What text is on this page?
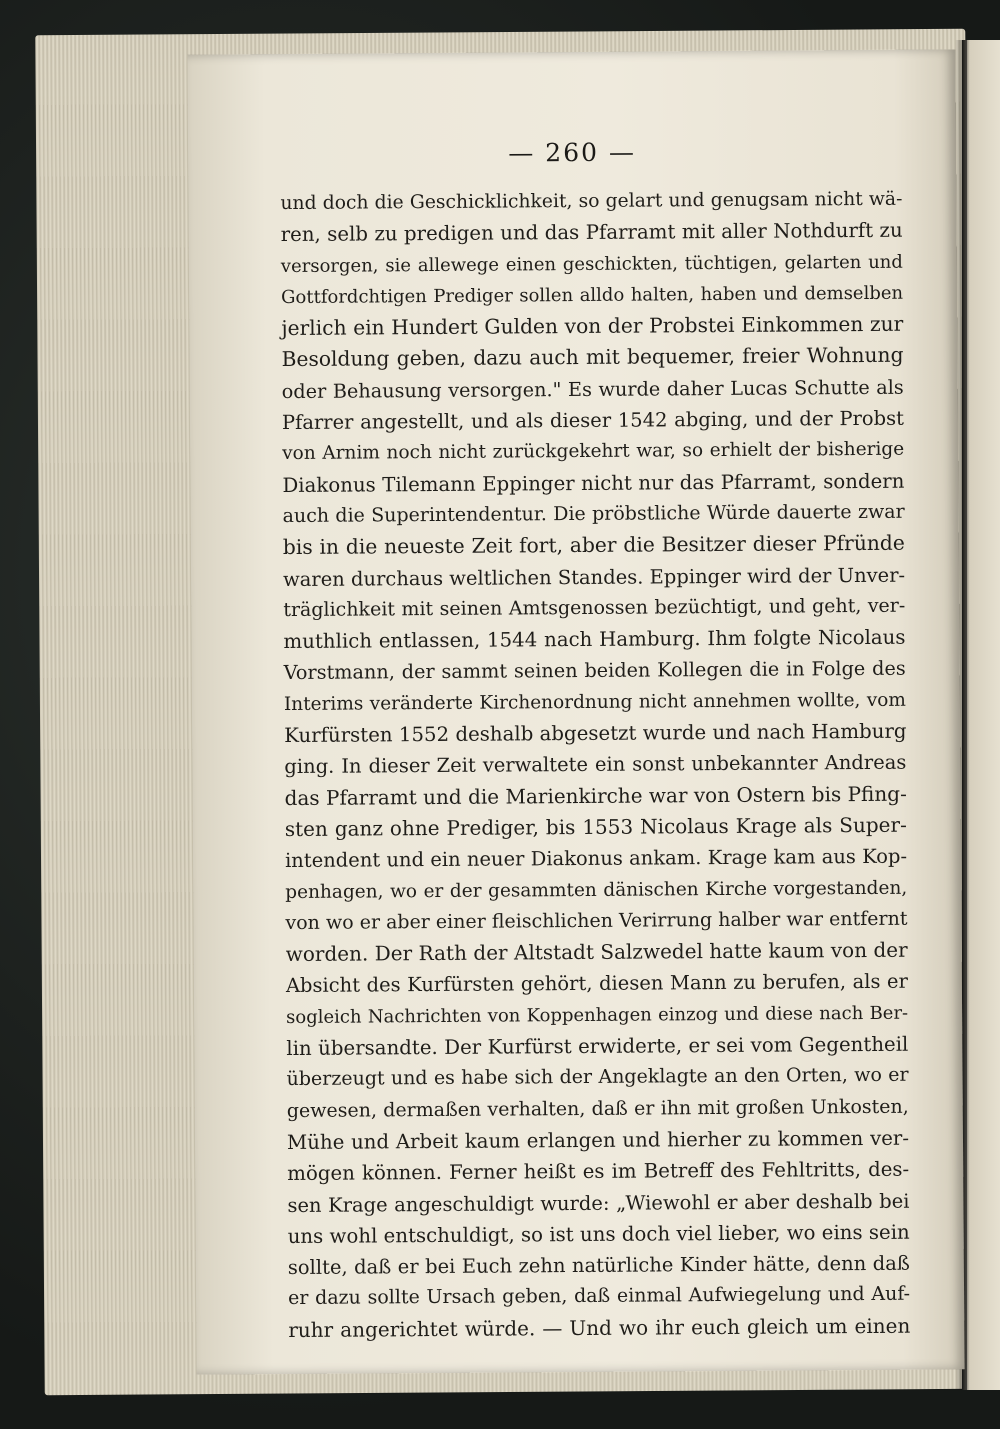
— 260 —
und doch die Geschicklichkeit, so gelart und genugsam nicht wä-
ren, selb zu predigen und das Pfarramt mit aller Nothdurft zu
versorgen, sie allewege einen geschickten, tüchtigen, gelarten und
Gottfordchtigen Prediger sollen alldo halten, haben und demselben
jerlich ein Hundert Gulden von der Probstei Einkommen zur
Besoldung geben, dazu auch mit bequemer, freier Wohnung
oder Behausung versorgen." Es wurde daher Lucas Schutte als
Pfarrer angestellt, und als dieser 1542 abging, und der Probst
von Arnim noch nicht zurückgekehrt war, so erhielt der bisherige
Diakonus Tilemann Eppinger nicht nur das Pfarramt, sondern
auch die Superintendentur. Die pröbstliche Würde dauerte zwar
bis in die neueste Zeit fort, aber die Besitzer dieser Pfründe
waren durchaus weltlichen Standes. Eppinger wird der Unver-
träglichkeit mit seinen Amtsgenossen bezüchtigt, und geht, ver-
muthlich entlassen, 1544 nach Hamburg. Ihm folgte Nicolaus
Vorstmann, der sammt seinen beiden Kollegen die in Folge des
Interims veränderte Kirchenordnung nicht annehmen wollte, vom
Kurfürsten 1552 deshalb abgesetzt wurde und nach Hamburg
ging. In dieser Zeit verwaltete ein sonst unbekannter Andreas
das Pfarramt und die Marienkirche war von Ostern bis Pfing-
sten ganz ohne Prediger, bis 1553 Nicolaus Krage als Super-
intendent und ein neuer Diakonus ankam. Krage kam aus Kop-
penhagen, wo er der gesammten dänischen Kirche vorgestanden,
von wo er aber einer fleischlichen Verirrung halber war entfernt
worden. Der Rath der Altstadt Salzwedel hatte kaum von der
Absicht des Kurfürsten gehört, diesen Mann zu berufen, als er
sogleich Nachrichten von Koppenhagen einzog und diese nach Ber-
lin übersandte. Der Kurfürst erwiderte, er sei vom Gegentheil
überzeugt und es habe sich der Angeklagte an den Orten, wo er
gewesen, dermaßen verhalten, daß er ihn mit großen Unkosten,
Mühe und Arbeit kaum erlangen und hierher zu kommen ver-
mögen können. Ferner heißt es im Betreff des Fehltritts, des-
sen Krage angeschuldigt wurde: „Wiewohl er aber deshalb bei
uns wohl entschuldigt, so ist uns doch viel lieber, wo eins sein
sollte, daß er bei Euch zehn natürliche Kinder hätte, denn daß
er dazu sollte Ursach geben, daß einmal Aufwiegelung und Auf-
ruhr angerichtet würde. — Und wo ihr euch gleich um einen
